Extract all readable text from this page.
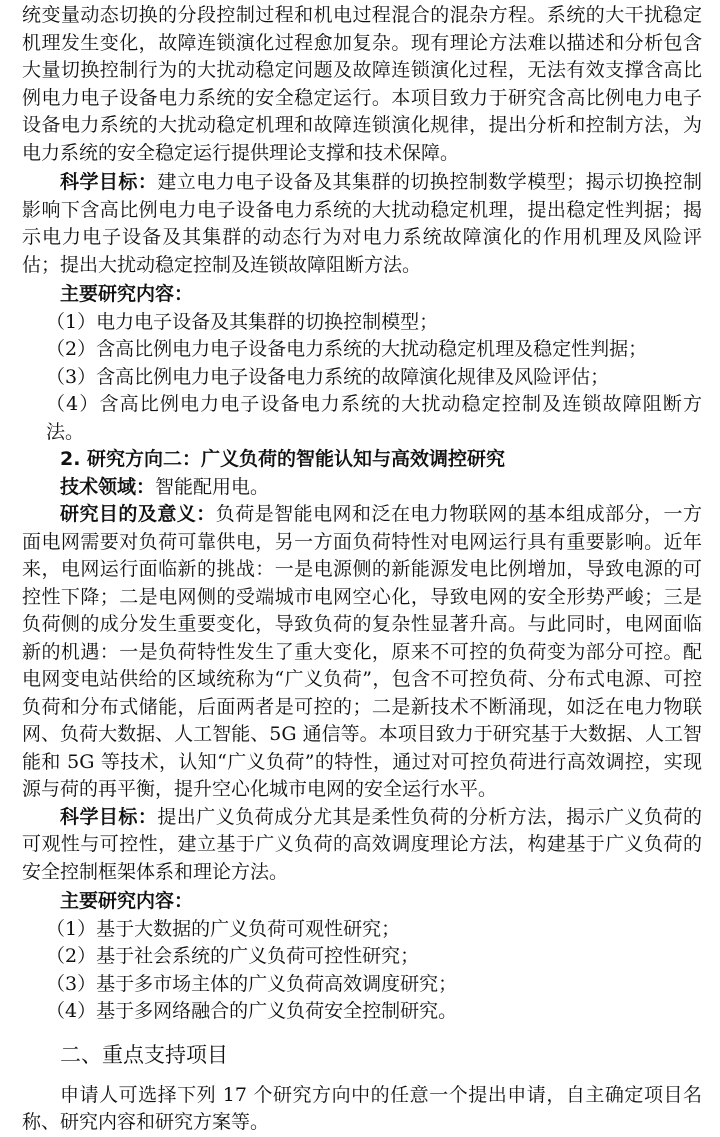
统变量动态切换的分段控制过程和机电过程混合的混杂方程。系统的大干扰稳定机理发生变化，故障连锁演化过程愈加复杂。现有理论方法难以描述和分析包含大量切换控制行为的大扰动稳定问题及故障连锁演化过程，无法有效支撑含高比例电力电子设备电力系统的安全稳定运行。本项目致力于研究含高比例电力电子设备电力系统的大扰动稳定机理和故障连锁演化规律，提出分析和控制方法，为电力系统的安全稳定运行提供理论支撑和技术保障。

科学目标：建立电力电子设备及其集群的切换控制数学模型；揭示切换控制影响下含高比例电力电子设备电力系统的大扰动稳定机理，提出稳定性判据；揭示电力电子设备及其集群的动态行为对电力系统故障演化的作用机理及风险评估；提出大扰动稳定控制及连锁故障阻断方法。

主要研究内容：

（1）电力电子设备及其集群的切换控制模型；

（2）含高比例电力电子设备电力系统的大扰动稳定机理及稳定性判据；

（3）含高比例电力电子设备电力系统的故障演化规律及风险评估；

（4）含高比例电力电子设备电力系统的大扰动稳定控制及连锁故障阻断方法。

2. 研究方向二：广义负荷的智能认知与高效调控研究

技术领域：智能配用电。

研究目的及意义：负荷是智能电网和泛在电力物联网的基本组成部分，一方面电网需要对负荷可靠供电，另一方面负荷特性对电网运行具有重要影响。近年来，电网运行面临新的挑战：一是电源侧的新能源发电比例增加，导致电源的可控性下降；二是电网侧的受端城市电网空心化，导致电网的安全形势严峻；三是负荷侧的成分发生重要变化，导致负荷的复杂性显著升高。与此同时，电网面临新的机遇：一是负荷特性发生了重大变化，原来不可控的负荷变为部分可控。配电网变电站供给的区域统称为“广义负荷”，包含不可控负荷、分布式电源、可控负荷和分布式储能，后面两者是可控的；二是新技术不断涌现，如泛在电力物联网、负荷大数据、人工智能、5G 通信等。本项目致力于研究基于大数据、人工智能和 5G 等技术，认知“广义负荷”的特性，通过对可控负荷进行高效调控，实现源与荷的再平衡，提升空心化城市电网的安全运行水平。

科学目标：提出广义负荷成分尤其是柔性负荷的分析方法，揭示广义负荷的可观性与可控性，建立基于广义负荷的高效调度理论方法，构建基于广义负荷的安全控制框架体系和理论方法。

主要研究内容：

（1）基于大数据的广义负荷可观性研究；

（2）基于社会系统的广义负荷可控性研究；

（3）基于多市场主体的广义负荷高效调度研究；

（4）基于多网络融合的广义负荷安全控制研究。

二、重点支持项目

申请人可选择下列 17 个研究方向中的任意一个提出申请，自主确定项目名称、研究内容和研究方案等。
